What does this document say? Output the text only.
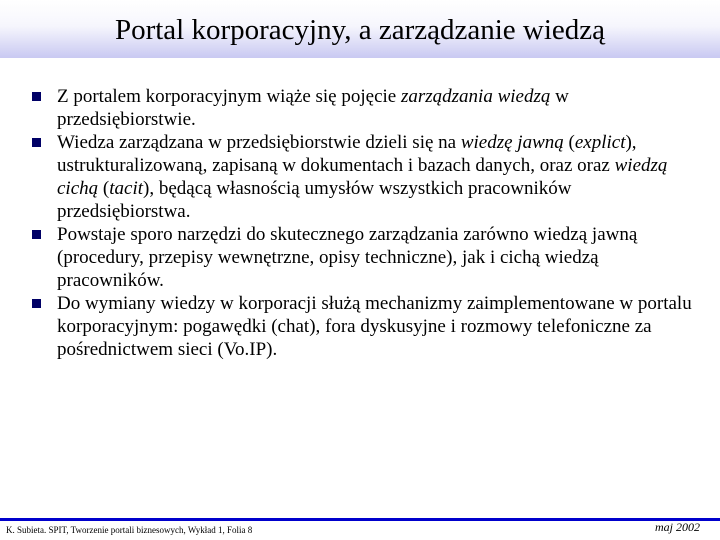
Portal korporacyjny, a zarządzanie wiedzą
Z portalem korporacyjnym wiąże się pojęcie zarządzania wiedzą w przedsiębiorstwie.
Wiedza zarządzana w przedsiębiorstwie dzieli się na wiedzę jawną (explict), ustrukturalizowaną, zapisaną w dokumentach i bazach danych, oraz oraz wiedzą cichą (tacit), będącą własnością umysłów wszystkich pracowników przedsiębiorstwa.
Powstaje sporo narzędzi do skutecznego zarządzania zarówno wiedzą jawną (procedury, przepisy wewnętrzne, opisy techniczne), jak i cichą wiedzą pracowników.
Do wymiany wiedzy w korporacji służą mechanizmy zaimplementowane w portalu korporacyjnym: pogawędki (chat), fora dyskusyjne i rozmowy telefoniczne za pośrednictwem sieci (Vo.IP).
K. Subieta. SPIT, Tworzenie portali biznesowych, Wykład 1, Folia 8	maj 2002
